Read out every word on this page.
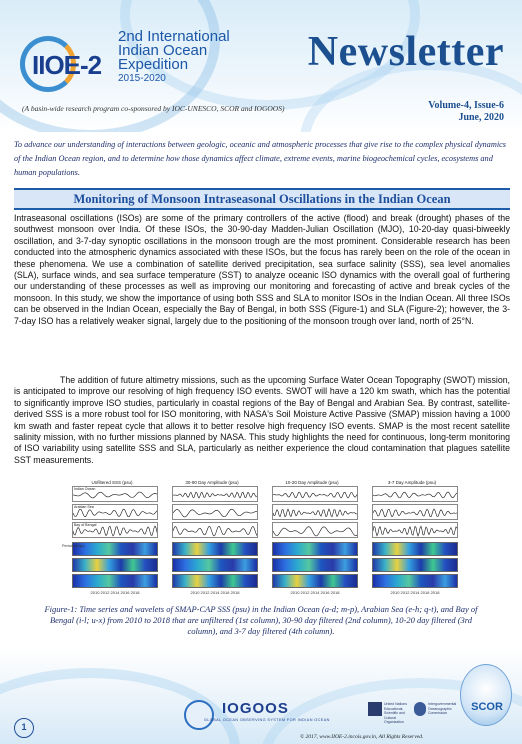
IIOE-2
2nd International
Indian Ocean
Expedition
2015-2020
Newsletter
(A basin-wide research program co-sponsored by IOC-UNESCO, SCOR and IOGOOS)	Volume-4, Issue-6
June, 2020
To advance our understanding of interactions between geologic, oceanic and atmospheric processes that give rise to the complex physical dynamics of the Indian Ocean region, and to determine how those dynamics affect climate, extreme events, marine biogeochemical cycles, ecosystems and human populations.
Monitoring of Monsoon Intraseasonal Oscillations in the Indian Ocean
Intraseasonal oscillations (ISOs) are some of the primary controllers of the active (flood) and break (drought) phases of the southwest monsoon over India. Of these ISOs, the 30-90-day Madden-Julian Oscillation (MJO), 10-20-day quasi-biweekly oscillation, and 3-7-day synoptic oscillations in the monsoon trough are the most prominent. Considerable research has been conducted into the atmospheric dynamics associated with these ISOs, but the focus has rarely been on the role of the ocean in these phenomena. We use a combination of satellite derived precipitation, sea surface salinity (SSS), sea level anomalies (SLA), surface winds, and sea surface temperature (SST) to analyze oceanic ISO dynamics with the overall goal of furthering our understanding of these processes as well as improving our monitoring and forecasting of active and break cycles of the monsoon. In this study, we show the importance of using both SSS and SLA to monitor ISOs in the Indian Ocean. All three ISOs can be observed in the Indian Ocean, especially the Bay of Bengal, in both SSS (Figure-1) and SLA (Figure-2); however, the 3-7-day ISO has a relatively weaker signal, largely due to the positioning of the monsoon trough over land, north of 25°N.
The addition of future altimetry missions, such as the upcoming Surface Water Ocean Topography (SWOT) mission, is anticipated to improve our resolving of high frequency ISO events. SWOT will have a 120 km swath, which has the potential to significantly improve ISO studies, particularly in coastal regions of the Bay of Bengal and Arabian Sea. By contrast, satellite-derived SSS is a more robust tool for ISO monitoring, with NASA's Soil Moisture Active Passive (SMAP) mission having a 1000 km swath and faster repeat cycle that allows it to better resolve high frequency ISO events. SMAP is the most recent satellite salinity mission, with no further missions planned by NASA. This study highlights the need for continuous, long-term monitoring of ISO variability using satellite SSS and SLA, particularly as neither experience the cloud contamination that plagues satellite SST measurements.
Unfiltered SSS (psu)
Indian Ocean
Arabian Sea
Bay of Bengal
2010 2012 2014 2016 2018
30-90 Day Amplitude (psu)
2010 2012 2014 2016 2018
10-20 Day Amplitude (psu)
2010 2012 2014 2016 2018
3-7 Day Amplitude (psu)
2010 2012 2014 2016 2018
Period (days)
Figure-1: Time series and wavelets of SMAP-CAP SSS (psu) in the Indian Ocean (a-d; m-p), Arabian Sea (e-h; q-t), and Bay of Bengal (i-l; u-x) from 2010 to 2018 that are unfiltered (1st column), 30-90 day filtered (2nd column), 10-20 day filtered (3rd column), and 3-7 day filtered (4th column).
1
IOGOOS
GLOBAL OCEAN OBSERVING SYSTEM FOR INDIAN OCEAN
United Nations Educational, Scientific and Cultural Organization
Intergovernmental Oceanographic Commission	SCOR
© 2017, www.IIOE-2.incois.gov.in, All Rights Reserved.
